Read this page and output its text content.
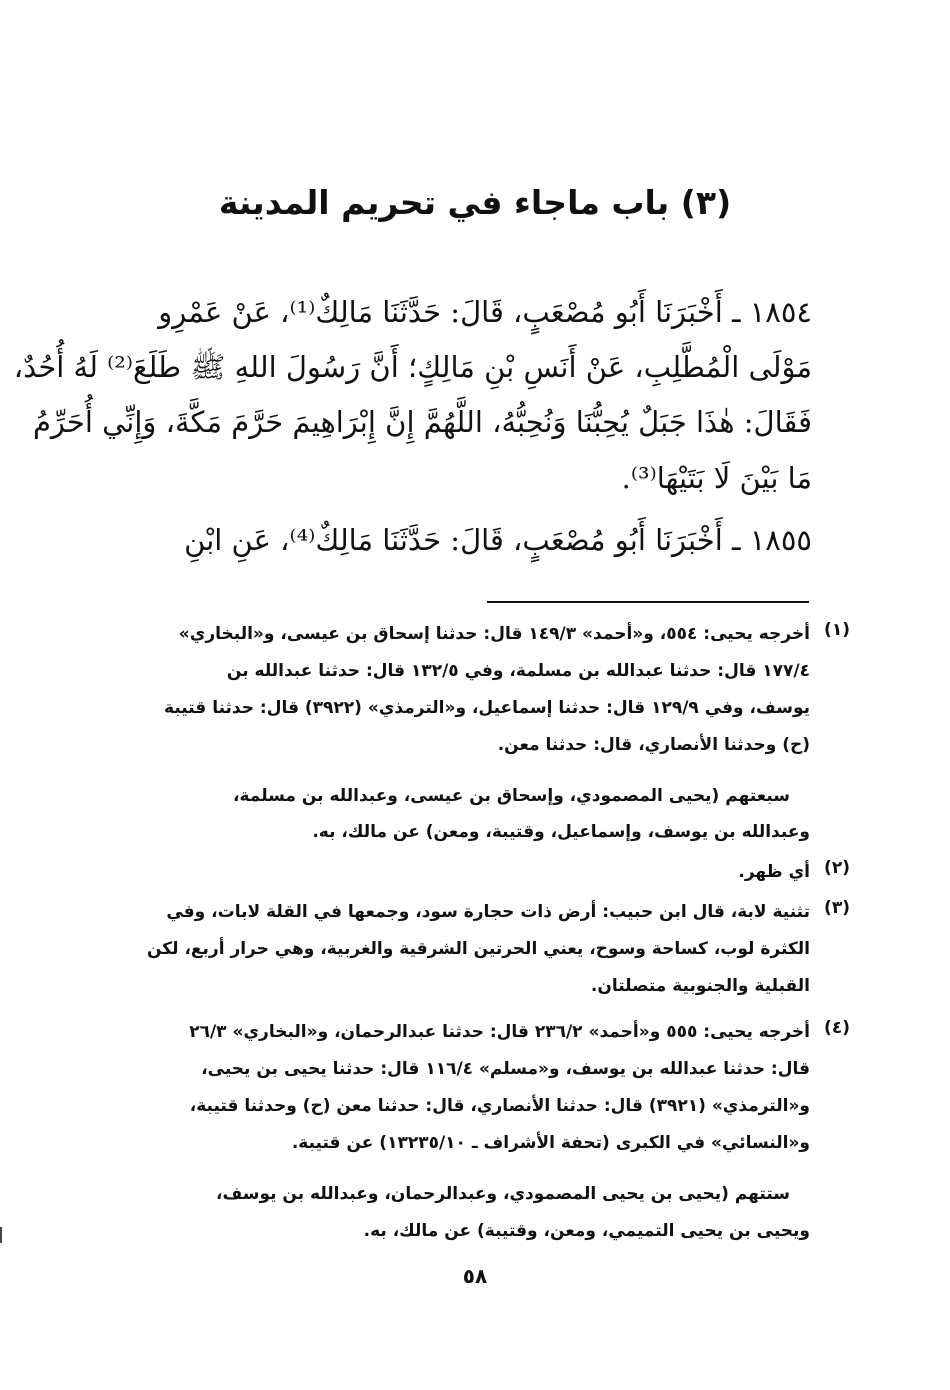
(٣) باب ماجاء في تحريم المدينة
١٨٥٤ ـ أَخْبَرَنَا أَبُو مُصْعَبٍ، قَالَ: حَدَّثَنَا مَالِكٌ⁽¹⁾، عَنْ عَمْرِو
مَوْلَى الْمُطَّلِبِ، عَنْ أَنَسِ بْنِ مَالِكٍ؛ أَنَّ رَسُولَ اللهِ ﷺ طَلَعَ⁽²⁾ لَهُ أُحُدٌ،
فَقَالَ: هٰذَا جَبَلٌ يُحِبُّنَا وَنُحِبُّهُ، اللَّهُمَّ إِنَّ إِبْرَاهِيمَ حَرَّمَ مَكَّةَ، وَإِنِّي أُحَرِّمُ
مَا بَيْنَ لَا بَتَيْهَا⁽³⁾.
١٨٥٥ ـ أَخْبَرَنَا أَبُو مُصْعَبٍ، قَالَ: حَدَّثَنَا مَالِكٌ⁽⁴⁾، عَنِ ابْنِ
(١)
أخرجه يحيى: ٥٥٤، و«أحمد» ١٤٩/٣ قال: حدثنا إسحاق بن عيسى، و«البخاري»
١٧٧/٤ قال: حدثنا عبدالله بن مسلمة، وفي ١٣٢/٥ قال: حدثنا عبدالله بن
يوسف، وفي ١٢٩/٩ قال: حدثنا إسماعيل، و«الترمذي» (٣٩٢٢) قال: حدثنا قتيبة
(ح) وحدثنا الأنصاري، قال: حدثنا معن.
سبعتهم (يحيى المصمودي، وإسحاق بن عيسى، وعبدالله بن مسلمة،
وعبدالله بن يوسف، وإسماعيل، وقتيبة، ومعن) عن مالك، به.
(٢)
أي ظهر.
(٣)
تثنية لابة، قال ابن حبيب: أرض ذات حجارة سود، وجمعها في القلة لابات، وفي
الكثرة لوب، كساحة وسوح، يعني الحرتين الشرقية والغربية، وهي حرار أربع، لكن
القبلية والجنوبية متصلتان.
(٤)
أخرجه يحيى: ٥٥٥ و«أحمد» ٢٣٦/٢ قال: حدثنا عبدالرحمان، و«البخاري» ٢٦/٣
قال: حدثنا عبدالله بن يوسف، و«مسلم» ١١٦/٤ قال: حدثنا يحيى بن يحيى،
و«الترمذي» (٣٩٢١) قال: حدثنا الأنصاري، قال: حدثنا معن (ح) وحدثنا قتيبة،
و«النسائي» في الكبرى (تحفة الأشراف ـ ١٣٢٣٥/١٠) عن قتيبة.
ستتهم (يحيى بن يحيى المصمودي، وعبدالرحمان، وعبدالله بن يوسف،
ويحيى بن يحيى التميمي، ومعن، وقتيبة) عن مالك، به.
٥٨
